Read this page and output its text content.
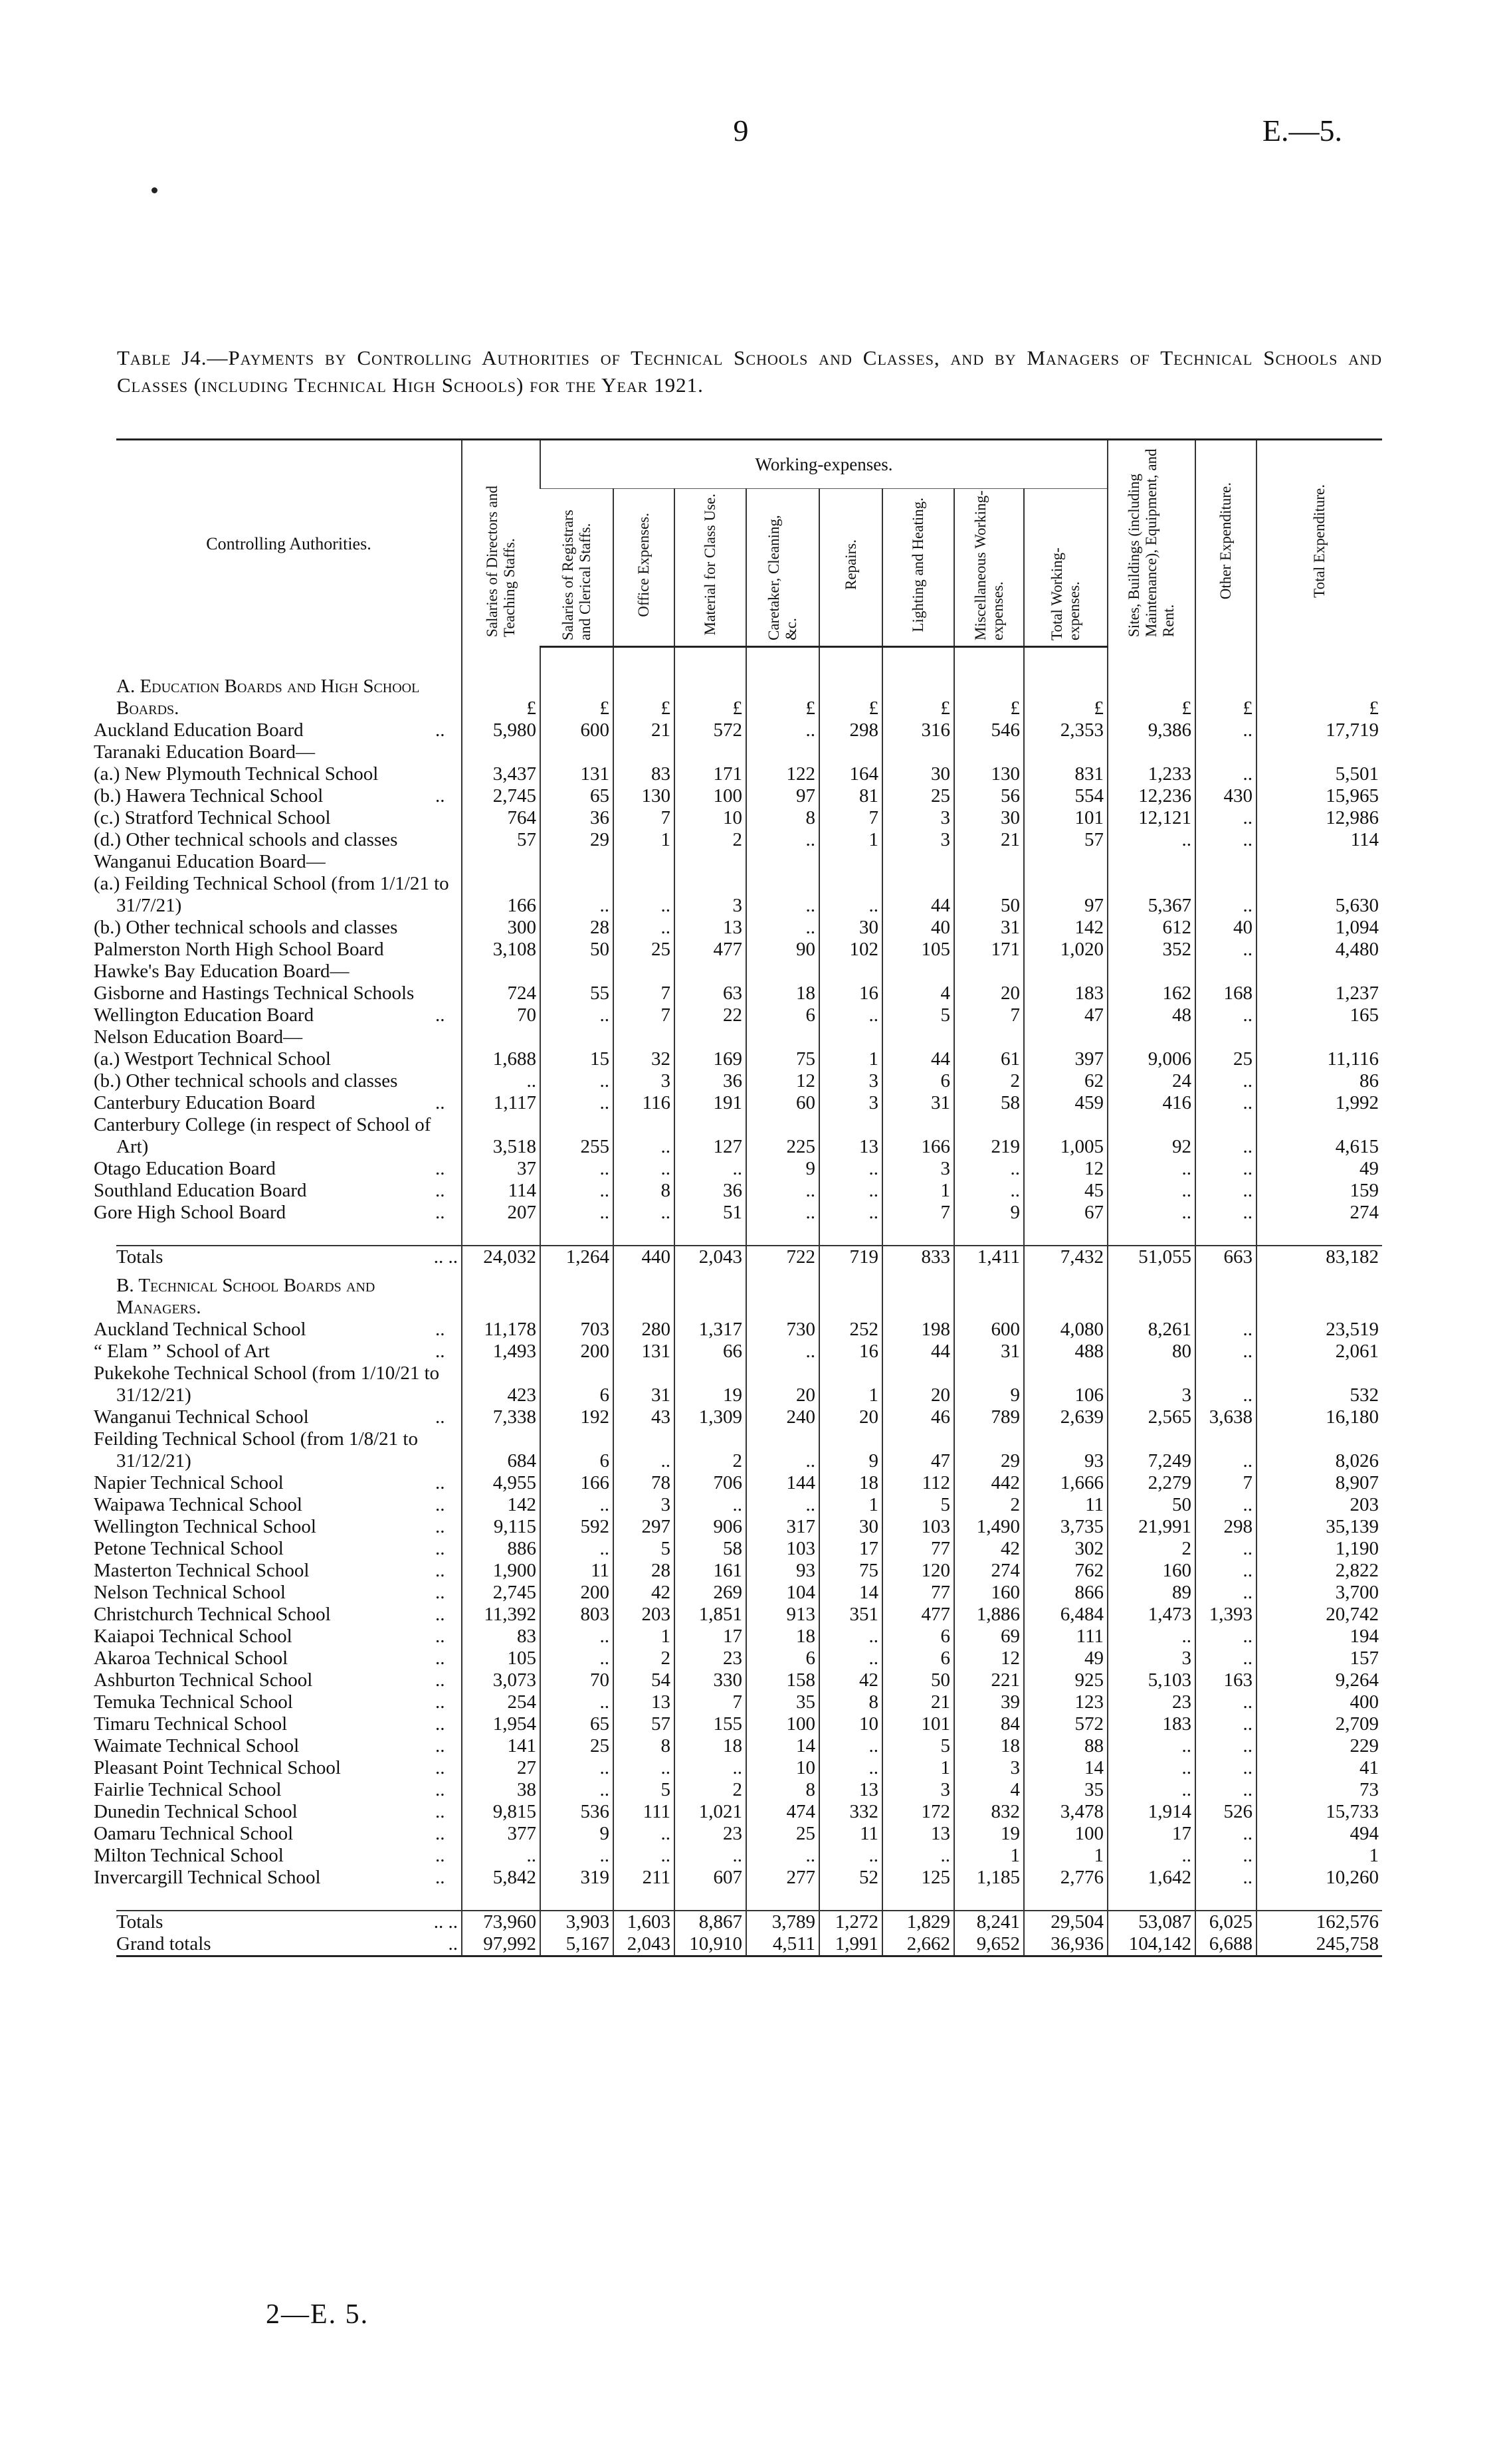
9	E.—5.
Table J4.—Payments by Controlling Authorities of Technical Schools and Classes, and by Managers of Technical Schools and Classes (including Technical High Schools) for the Year 1921.
Controlling Authorities.	Salaries of Directors and Teaching Staffs.	Working-expenses.								Sites, Buildings (including Maintenance), Equipment, and Rent.	Other Expenditure.	Total Expenditure.
		Salaries of Registrars and Clerical Staffs.	Office Expenses.	Material for Class Use.	Caretaker, Cleaning, &c.	Repairs.	Lighting and Heating.	Miscellaneous Working-expenses.	Total Working-expenses.			

A. Education Boards and High School Boards.	£	£	£	£	£	£	£	£	£	£	£	£
Auckland Education Board ..	5,980	600	21	572	..	298	316	546	2,353	9,386	..	17,719
Taranaki Education Board—												
(a.) New Plymouth Technical School	3,437	131	83	171	122	164	30	130	831	1,233	..	5,501
(b.) Hawera Technical School ..	2,745	65	130	100	97	81	25	56	554	12,236	430	15,965
(c.) Stratford Technical School	764	36	7	10	8	7	3	30	101	12,121	..	12,986
(d.) Other technical schools and classes	57	29	1	2	..	1	3	21	57	..	..	114
Wanganui Education Board—												
(a.) Feilding Technical School (from 1/1/21 to 31/7/21)	166	..	..	3	..	..	44	50	97	5,367	..	5,630
(b.) Other technical schools and classes	300	28	..	13	..	30	40	31	142	612	40	1,094
Palmerston North High School Board	3,108	50	25	477	90	102	105	171	1,020	352	..	4,480
Hawke's Bay Education Board—												
Gisborne and Hastings Technical Schools	724	55	7	63	18	16	4	20	183	162	168	1,237
Wellington Education Board ..	70	..	7	22	6	..	5	7	47	48	..	165
Nelson Education Board—												
(a.) Westport Technical School	1,688	15	32	169	75	1	44	61	397	9,006	25	11,116
(b.) Other technical schools and classes	..	..	3	36	12	3	6	2	62	24	..	86
Canterbury Education Board ..	1,117	..	116	191	60	3	31	58	459	416	..	1,992
Canterbury College (in respect of School of Art)	3,518	255	..	127	225	13	166	219	1,005	92	..	4,615
Otago Education Board ..	37	..	..	..	9	..	3	..	12	..	..	49
Southland Education Board ..	114	..	8	36	..	..	1	..	45	..	..	159
Gore High School Board ..	207	..	..	51	..	..	7	9	67	..	..	274

Totals .. ..	24,032	1,264	440	2,043	722	719	833	1,411	7,432	51,055	663	83,182

B. Technical School Boards and Managers.												

Auckland Technical School ..	11,178	703	280	1,317	730	252	198	600	4,080	8,261	..	23,519
“ Elam ” School of Art ..	1,493	200	131	66	..	16	44	31	488	80	..	2,061
Pukekohe Technical School (from 1/10/21 to 31/12/21)	423	6	31	19	20	1	20	9	106	3	..	532
Wanganui Technical School ..	7,338	192	43	1,309	240	20	46	789	2,639	2,565	3,638	16,180
Feilding Technical School (from 1/8/21 to 31/12/21)	684	6	..	2	..	9	47	29	93	7,249	..	8,026
Napier Technical School ..	4,955	166	78	706	144	18	112	442	1,666	2,279	7	8,907
Waipawa Technical School ..	142	..	3	..	..	1	5	2	11	50	..	203
Wellington Technical School ..	9,115	592	297	906	317	30	103	1,490	3,735	21,991	298	35,139
Petone Technical School ..	886	..	5	58	103	17	77	42	302	2	..	1,190
Masterton Technical School ..	1,900	11	28	161	93	75	120	274	762	160	..	2,822
Nelson Technical School ..	2,745	200	42	269	104	14	77	160	866	89	..	3,700
Christchurch Technical School ..	11,392	803	203	1,851	913	351	477	1,886	6,484	1,473	1,393	20,742
Kaiapoi Technical School ..	83	..	1	17	18	..	6	69	111	..	..	194
Akaroa Technical School ..	105	..	2	23	6	..	6	12	49	3	..	157
Ashburton Technical School ..	3,073	70	54	330	158	42	50	221	925	5,103	163	9,264
Temuka Technical School ..	254	..	13	7	35	8	21	39	123	23	..	400
Timaru Technical School ..	1,954	65	57	155	100	10	101	84	572	183	..	2,709
Waimate Technical School ..	141	25	8	18	14	..	5	18	88	..	..	229
Pleasant Point Technical School ..	27	..	..	..	10	..	1	3	14	..	..	41
Fairlie Technical School ..	38	..	5	2	8	13	3	4	35	..	..	73
Dunedin Technical School ..	9,815	536	111	1,021	474	332	172	832	3,478	1,914	526	15,733
Oamaru Technical School ..	377	9	..	23	25	11	13	19	100	17	..	494
Milton Technical School ..	..	..	..	..	..	..	..	1	1	..	..	1
Invercargill Technical School ..	5,842	319	211	607	277	52	125	1,185	2,776	1,642	..	10,260

Totals .. ..	73,960	3,903	1,603	8,867	3,789	1,272	1,829	8,241	29,504	53,087	6,025	162,576
Grand totals ..	97,992	5,167	2,043	10,910	4,511	1,991	2,662	9,652	36,936	104,142	6,688	245,758
2—E. 5.
